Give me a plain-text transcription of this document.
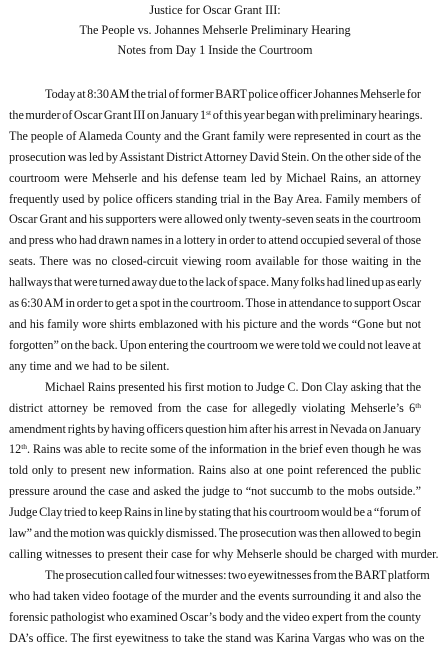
Justice for Oscar Grant III:
The People vs. Johannes Mehserle Preliminary Hearing
Notes from Day 1 Inside the Courtroom
Today at 8:30 AM the trial of former BART police officer Johannes Mehserle for
the murder of Oscar Grant III on January 1st of this year began with preliminary hearings.
The people of Alameda County and the Grant family were represented in court as the
prosecution was led by Assistant District Attorney David Stein. On the other side of the
courtroom were Mehserle and his defense team led by Michael Rains, an attorney
frequently used by police officers standing trial in the Bay Area. Family members of
Oscar Grant and his supporters were allowed only twenty-seven seats in the courtroom
and press who had drawn names in a lottery in order to attend occupied several of those
seats. There was no closed-circuit viewing room available for those waiting in the
hallways that were turned away due to the lack of space. Many folks had lined up as early
as 6:30 AM in order to get a spot in the courtroom. Those in attendance to support Oscar
and his family wore shirts emblazoned with his picture and the words “Gone but not
forgotten” on the back. Upon entering the courtroom we were told we could not leave at
any time and we had to be silent.
Michael Rains presented his first motion to Judge C. Don Clay asking that the
district attorney be removed from the case for allegedly violating Mehserle’s 6th
amendment rights by having officers question him after his arrest in Nevada on January
12th. Rains was able to recite some of the information in the brief even though he was
told only to present new information. Rains also at one point referenced the public
pressure around the case and asked the judge to “not succumb to the mobs outside.”
Judge Clay tried to keep Rains in line by stating that his courtroom would be a “forum of
law” and the motion was quickly dismissed. The prosecution was then allowed to begin
calling witnesses to present their case for why Mehserle should be charged with murder.
The prosecution called four witnesses: two eyewitnesses from the BART platform
who had taken video footage of the murder and the events surrounding it and also the
forensic pathologist who examined Oscar’s body and the video expert from the county
DA’s office. The first eyewitness to take the stand was Karina Vargas who was on the
